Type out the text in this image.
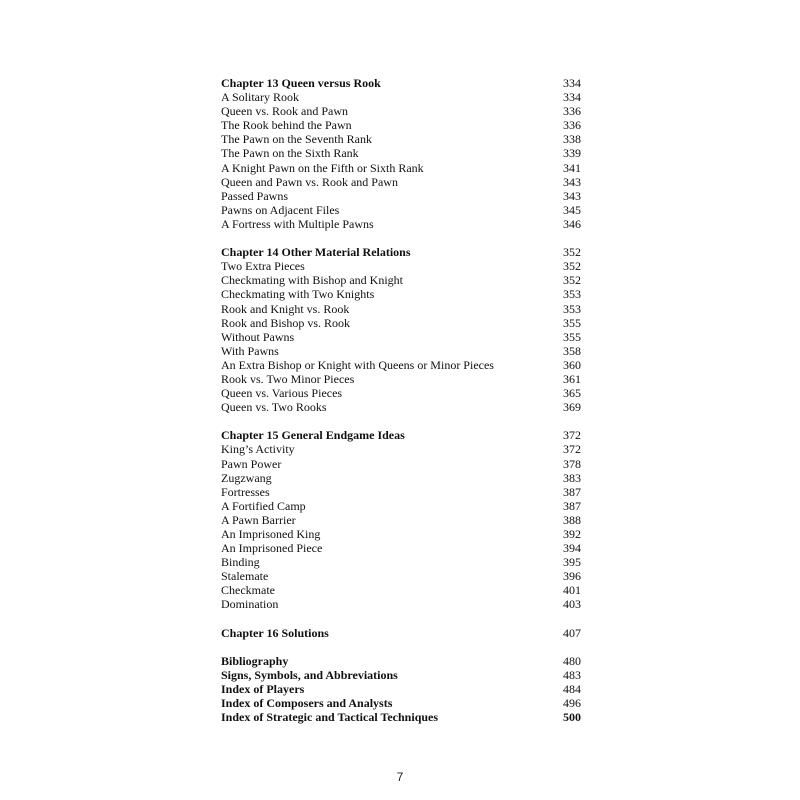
Chapter 13 Queen versus Rook	334
A Solitary Rook	334
Queen vs. Rook and Pawn	336
The Rook behind the Pawn	336
The Pawn on the Seventh Rank	338
The Pawn on the Sixth Rank	339
A Knight Pawn on the Fifth or Sixth Rank	341
Queen and Pawn vs. Rook and Pawn	343
Passed Pawns	343
Pawns on Adjacent Files	345
A Fortress with Multiple Pawns	346
Chapter 14 Other Material Relations	352
Two Extra Pieces	352
Checkmating with Bishop and Knight	352
Checkmating with Two Knights	353
Rook and Knight vs. Rook	353
Rook and Bishop vs. Rook	355
Without Pawns	355
With Pawns	358
An Extra Bishop or Knight with Queens or Minor Pieces	360
Rook vs. Two Minor Pieces	361
Queen vs. Various Pieces	365
Queen vs. Two Rooks	369
Chapter 15 General Endgame Ideas	372
King’s Activity	372
Pawn Power	378
Zugzwang	383
Fortresses	387
A Fortified Camp	387
A Pawn Barrier	388
An Imprisoned King	392
An Imprisoned Piece	394
Binding	395
Stalemate	396
Checkmate	401
Domination	403
Chapter 16 Solutions	407
Bibliography	480
Signs, Symbols, and Abbreviations	483
Index of Players	484
Index of Composers and Analysts	496
Index of Strategic and Tactical Techniques	500
7
